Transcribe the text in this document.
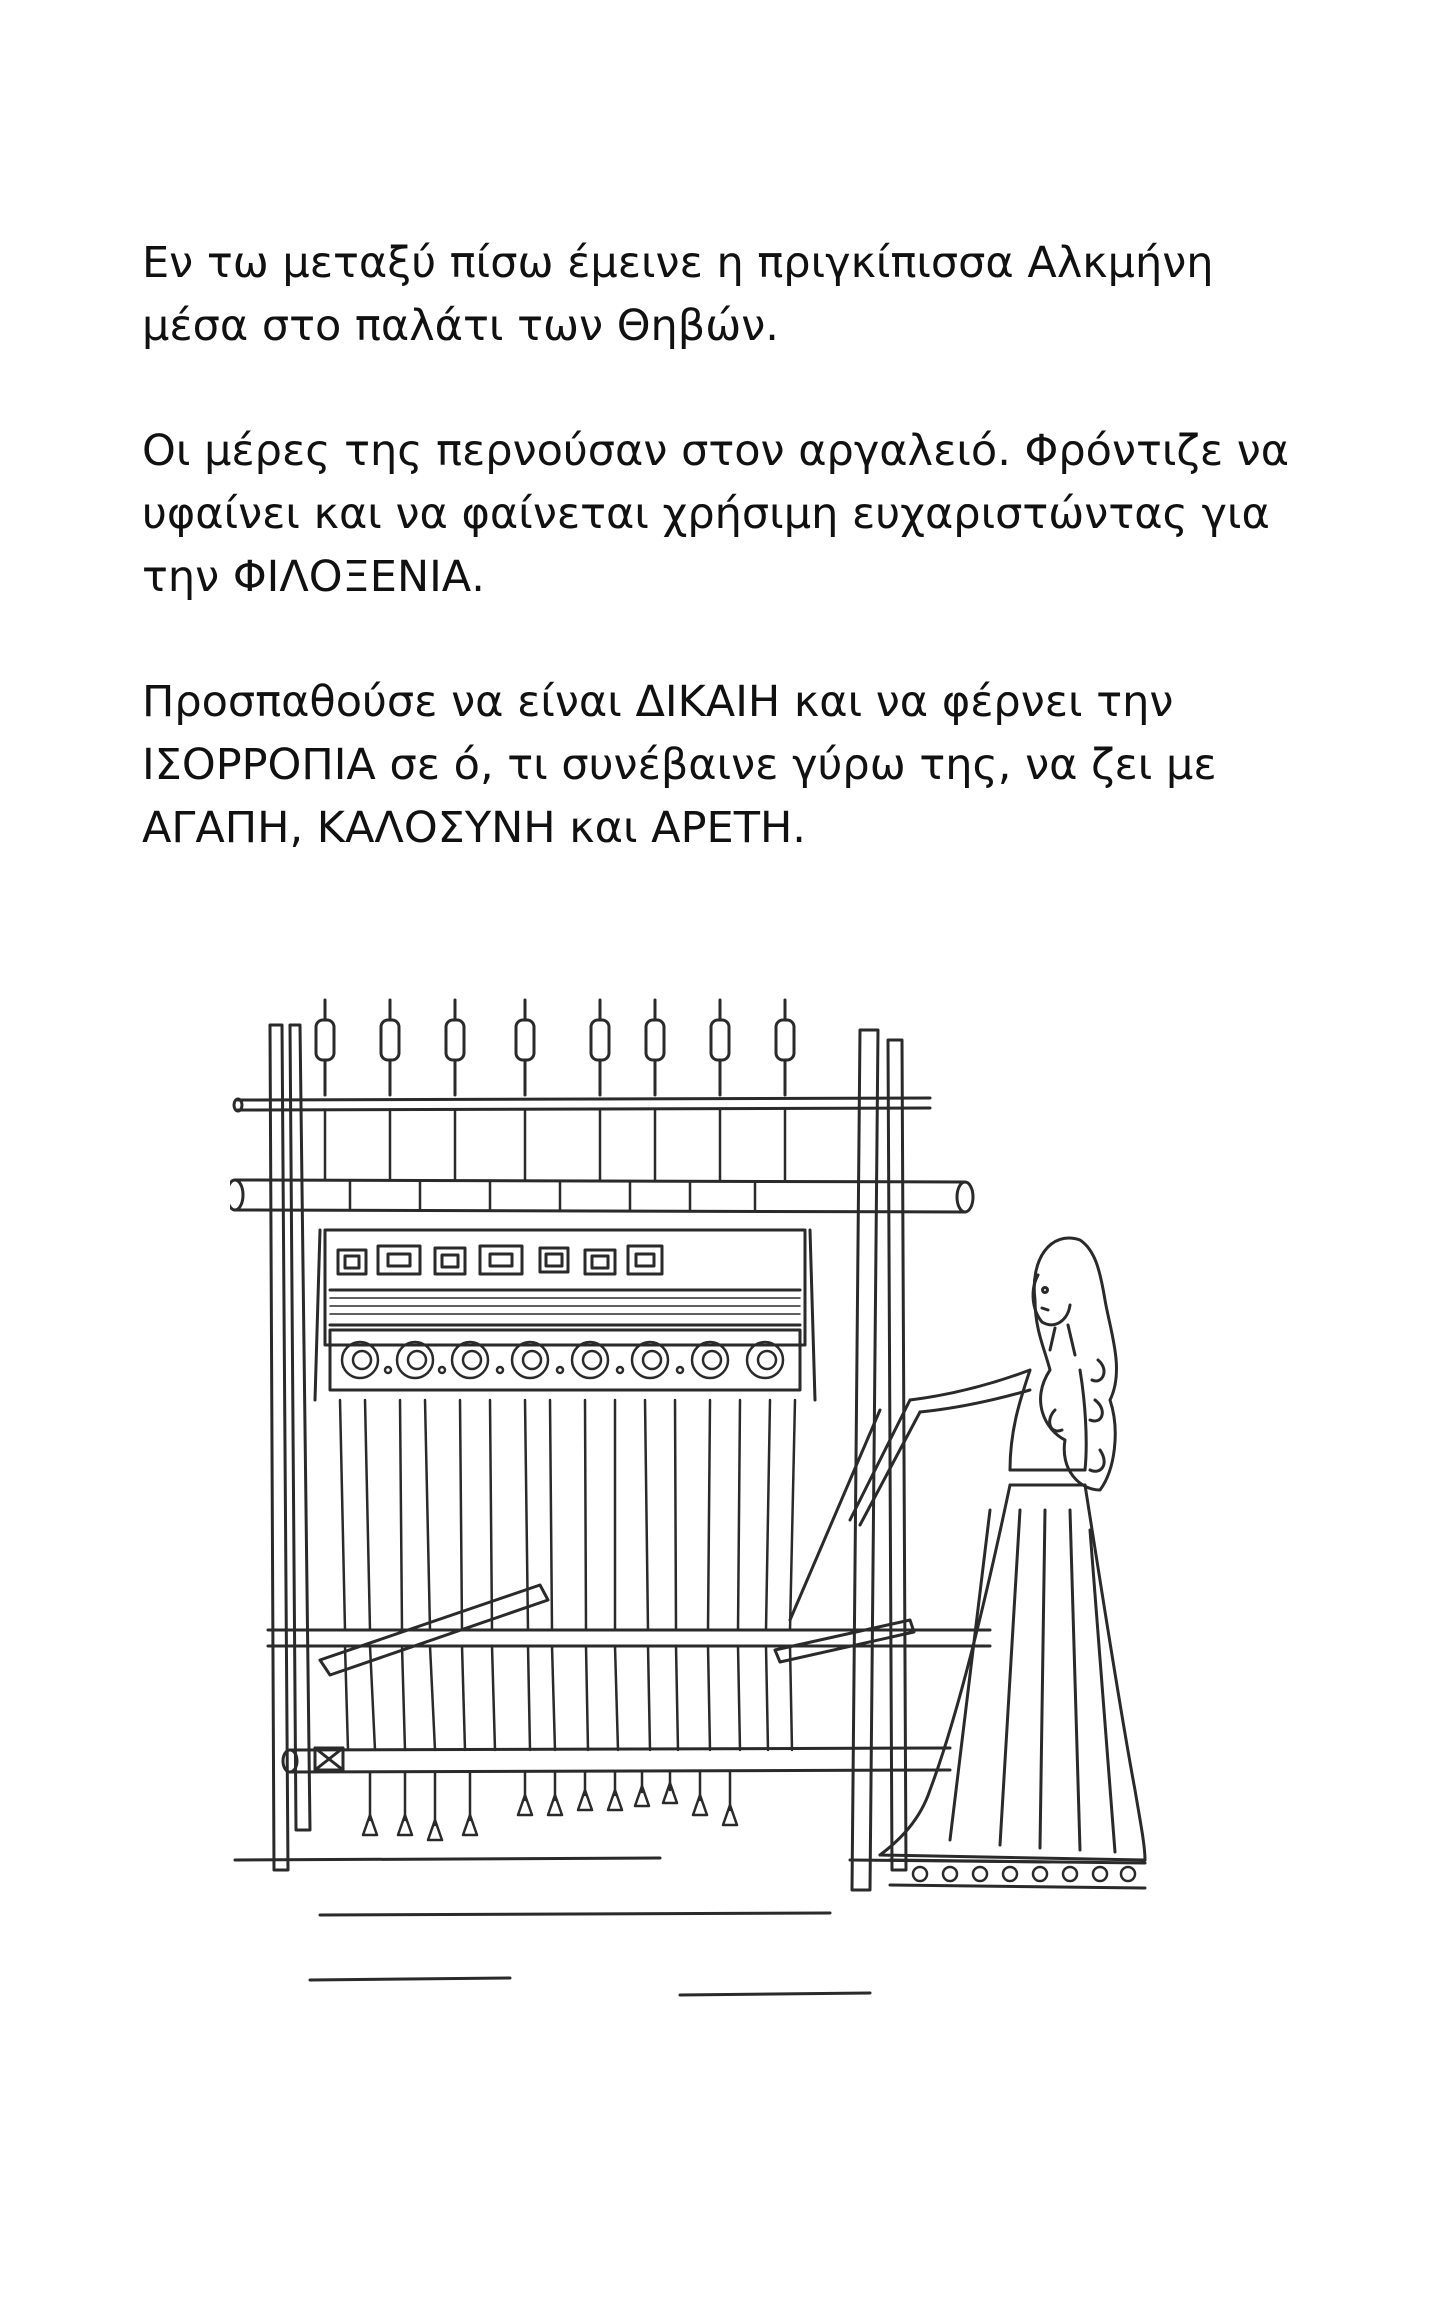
Εν τω μεταξύ πίσω έμεινε η πριγκίπισσα Αλκμήνη
μέσα στο παλάτι των Θηβών.

Οι μέρες της περνούσαν στον αργαλειό. Φρόντιζε να
υφαίνει και να φαίνεται χρήσιμη ευχαριστώντας για
την ΦΙΛΟΞΕΝΙΑ.

Προσπαθούσε να είναι ΔΙΚΑΙΗ και να φέρνει την
ΙΣΟΡΡΟΠΙΑ σε ό, τι συνέβαινε γύρω της, να ζει με
ΑΓΑΠΗ, ΚΑΛΟΣΥΝΗ και ΑΡΕΤΗ.
